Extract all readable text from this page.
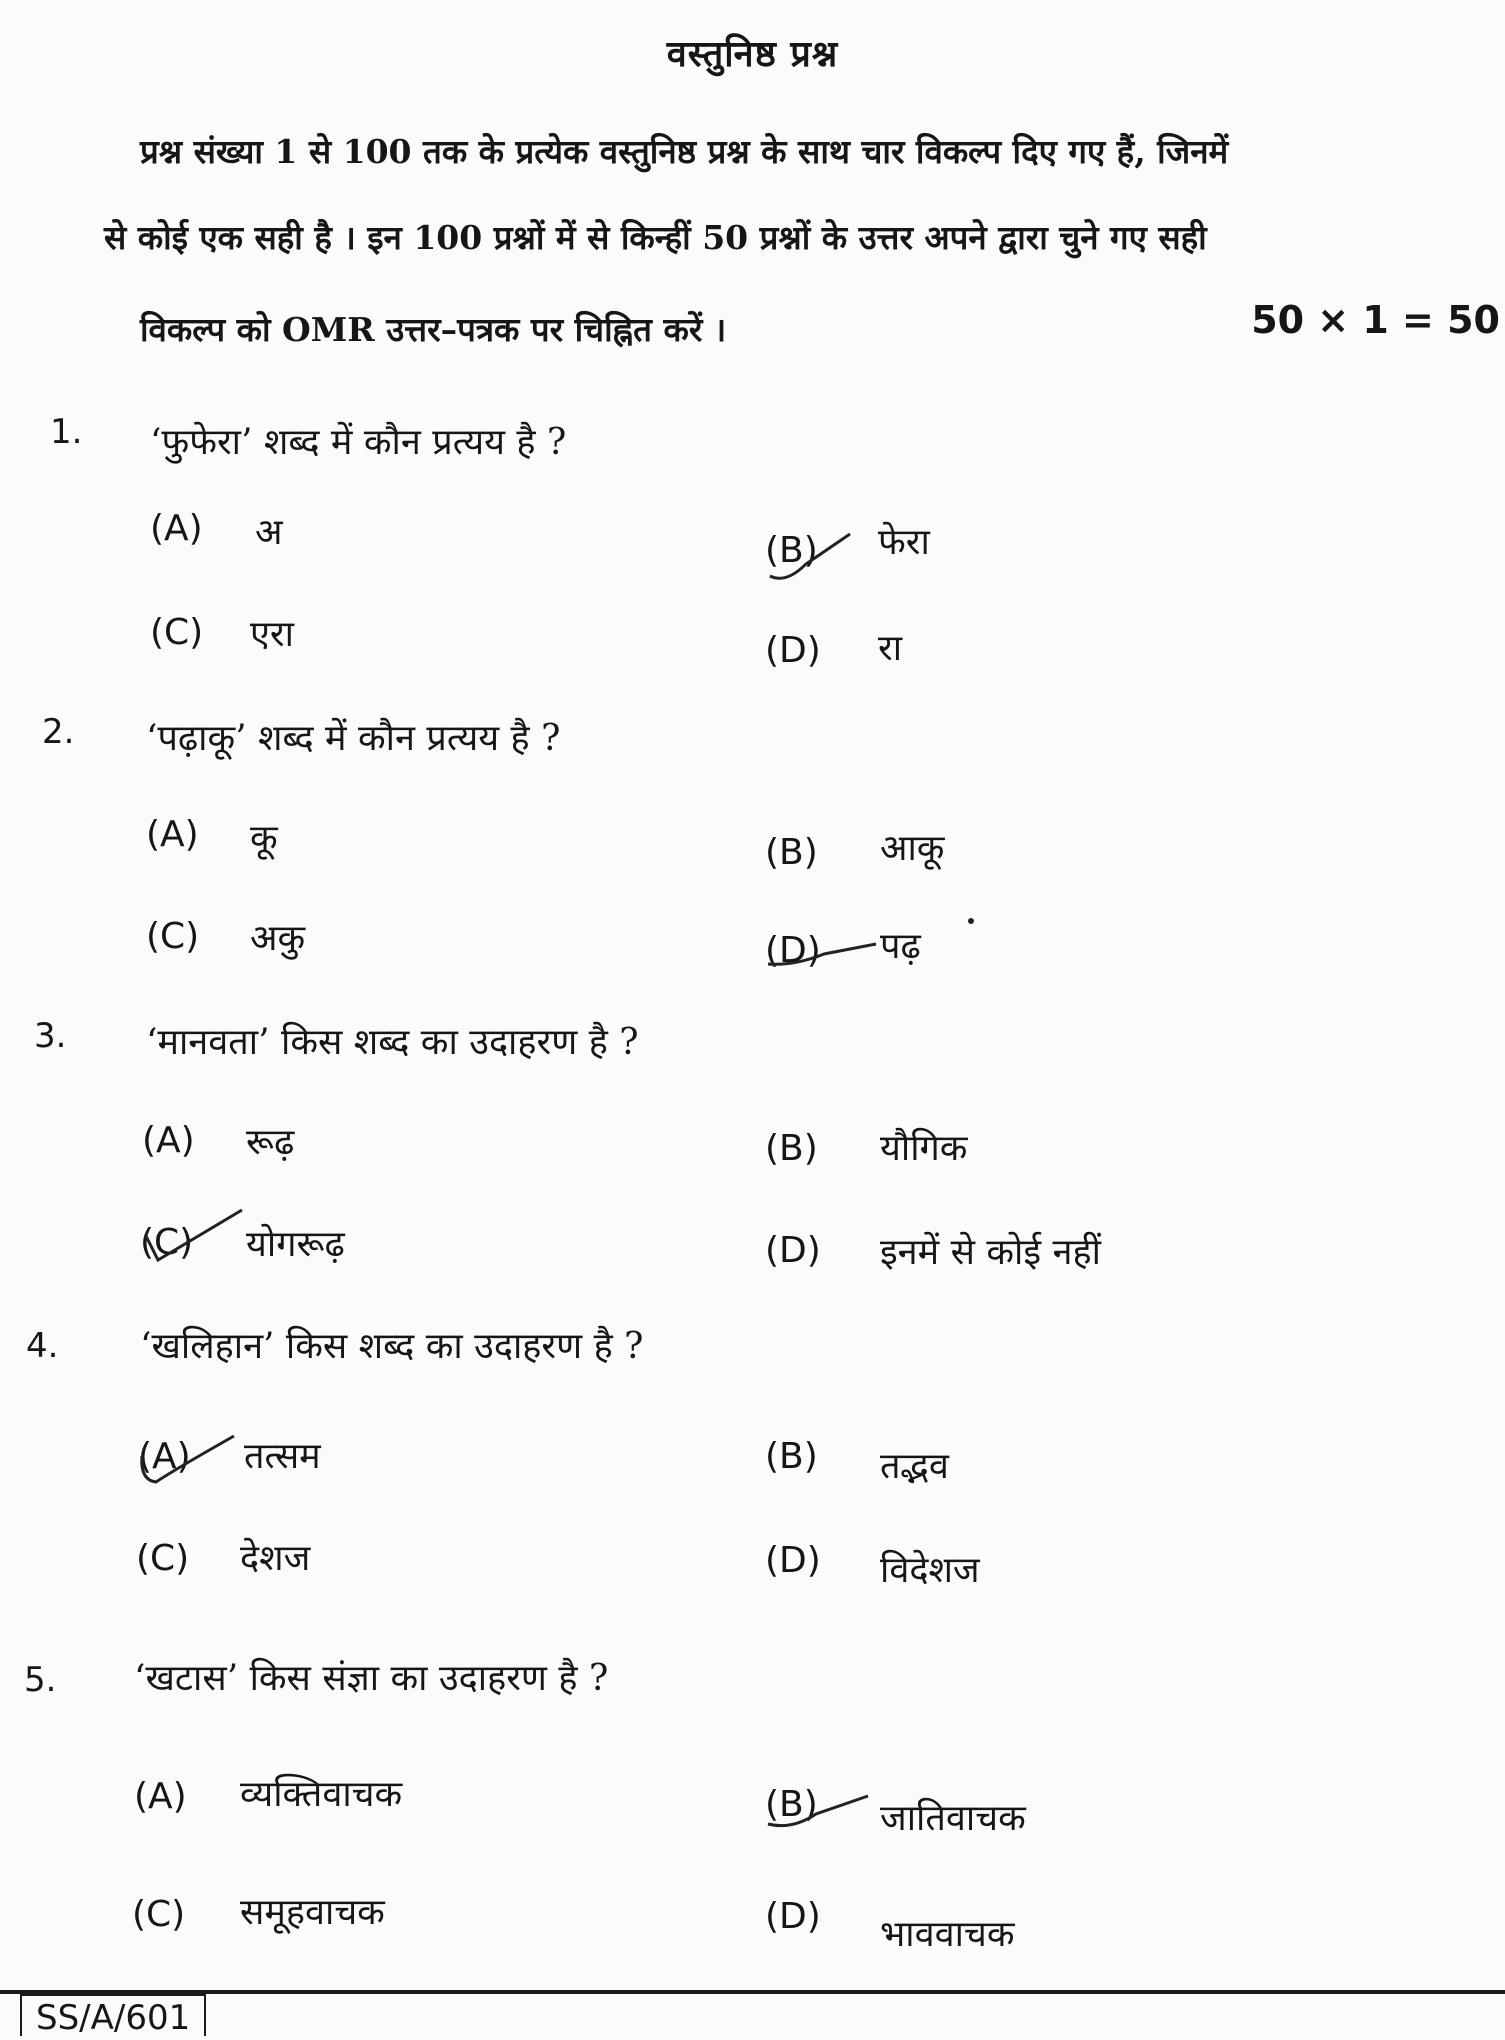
वस्तुनिष्ठ प्रश्न
प्रश्न संख्या 1 से 100 तक के प्रत्येक वस्तुनिष्ठ प्रश्न के साथ चार विकल्प दिए गए हैं, जिनमें
से कोई एक सही है । इन 100 प्रश्नों में से किन्हीं 50 प्रश्नों के उत्तर अपने द्वारा चुने गए सही
विकल्प को OMR उत्तर–पत्रक पर चिह्नित करें ।	50 × 1 = 50
1. ‘फुफेरा’ शब्द में कौन प्रत्यय है ?
(A) अ	(B) फेरा
(C) एरा	(D) रा
2. ‘पढ़ाकू’ शब्द में कौन प्रत्यय है ?
(A) कू	(B) आकू
(C) अकु	(D) पढ़
3. ‘मानवता’ किस शब्द का उदाहरण है ?
(A) रूढ़	(B) यौगिक
(C) योगरूढ़	(D) इनमें से कोई नहीं
4. ‘खलिहान’ किस शब्द का उदाहरण है ?
(A) तत्सम	(B) तद्भव
(C) देशज	(D) विदेशज
5. ‘खटास’ किस संज्ञा का उदाहरण है ?
(A) व्यक्तिवाचक	(B) जातिवाचक
(C) समूहवाचक	(D) भाववाचक
SS/A/601
